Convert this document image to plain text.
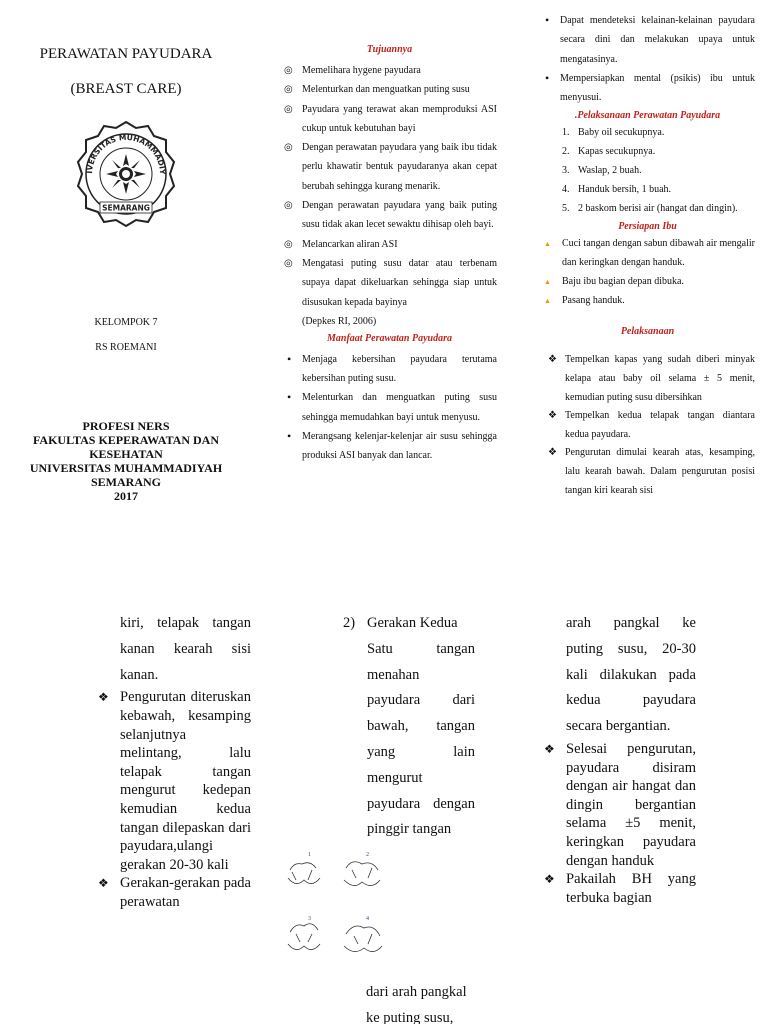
PERAWATAN PAYUDARA
(BREAST CARE)
IVERSITAS MUHAMMADIY
SEMARANG
KELOMPOK 7
RS ROEMANI
PROFESI NERS
FAKULTAS KEPERAWATAN DAN
KESEHATAN
UNIVERSITAS MUHAMMADIYAH
SEMARANG
2017
Tujuannya
◎ Memelihara hygene payudara
◎ Melenturkan dan menguatkan puting susu
◎ Payudara yang terawat akan memproduksi ASI cukup untuk kebutuhan bayi
◎ Dengan perawatan payudara yang baik ibu tidak perlu khawatir bentuk payudaranya akan cepat berubah sehingga kurang menarik.
◎ Dengan perawatan payudara yang baik puting susu tidak akan lecet sewaktu dihisap oleh bayi.
◎ Melancarkan aliran ASI
◎ Mengatasi puting susu datar atau terbenam supaya dapat dikeluarkan sehingga siap untuk disusukan kepada bayinya
(Depkes RI, 2006)
Manfaat Perawatan Payudara
• Menjaga kebersihan payudara terutama kebersihan puting susu.
• Melenturkan dan menguatkan puting susu sehingga memudahkan bayi untuk menyusu.
• Merangsang kelenjar-kelenjar air susu sehingga produksi ASI banyak dan lancar.
• Dapat mendeteksi kelainan-kelainan payudara secara dini dan melakukan upaya untuk mengatasinya.
• Mempersiapkan mental (psikis) ibu untuk menyusui.
.Pelaksanaan Perawatan Payudara
1. Baby oil secukupnya.
2. Kapas secukupnya.
3. Waslap, 2 buah.
4. Handuk bersih, 1 buah.
5. 2 baskom berisi air (hangat dan dingin).
Persiapan Ibu
▲ Cuci tangan dengan sabun dibawah air mengalir dan keringkan dengan handuk.
▲ Baju ibu bagian depan dibuka.
▲ Pasang handuk.
Pelaksanaan
❖ Tempelkan kapas yang sudah diberi minyak kelapa atau baby oil selama ± 5 menit, kemudian puting susu dibersihkan
❖ Tempelkan kedua telapak tangan diantara kedua payudara.
❖ Pengurutan dimulai kearah atas, kesamping, lalu kearah bawah. Dalam pengurutan posisi tangan kiri kearah sisi
kiri, telapak tangan kanan kearah sisi kanan.
❖ Pengurutan diteruskan kebawah, kesamping selanjutnya melintang, lalu telapak tangan mengurut kedepan kemudian kedua tangan dilepaskan dari payudara,ulangi gerakan 20-30 kali
❖ Gerakan-gerakan pada perawatan
2) Gerakan Kedua
Satu tangan menahan payudara dari bawah, tangan yang lain mengurut payudara dengan pinggir tangan
1	2
3	4
dari arah pangkal ke puting susu,
arah pangkal ke puting susu, 20-30 kali dilakukan pada kedua payudara secara bergantian.
❖ Selesai pengurutan, payudara disiram dengan air hangat dan dingin bergantian selama ±5 menit, keringkan payudara dengan handuk
❖ Pakailah BH yang terbuka bagian
